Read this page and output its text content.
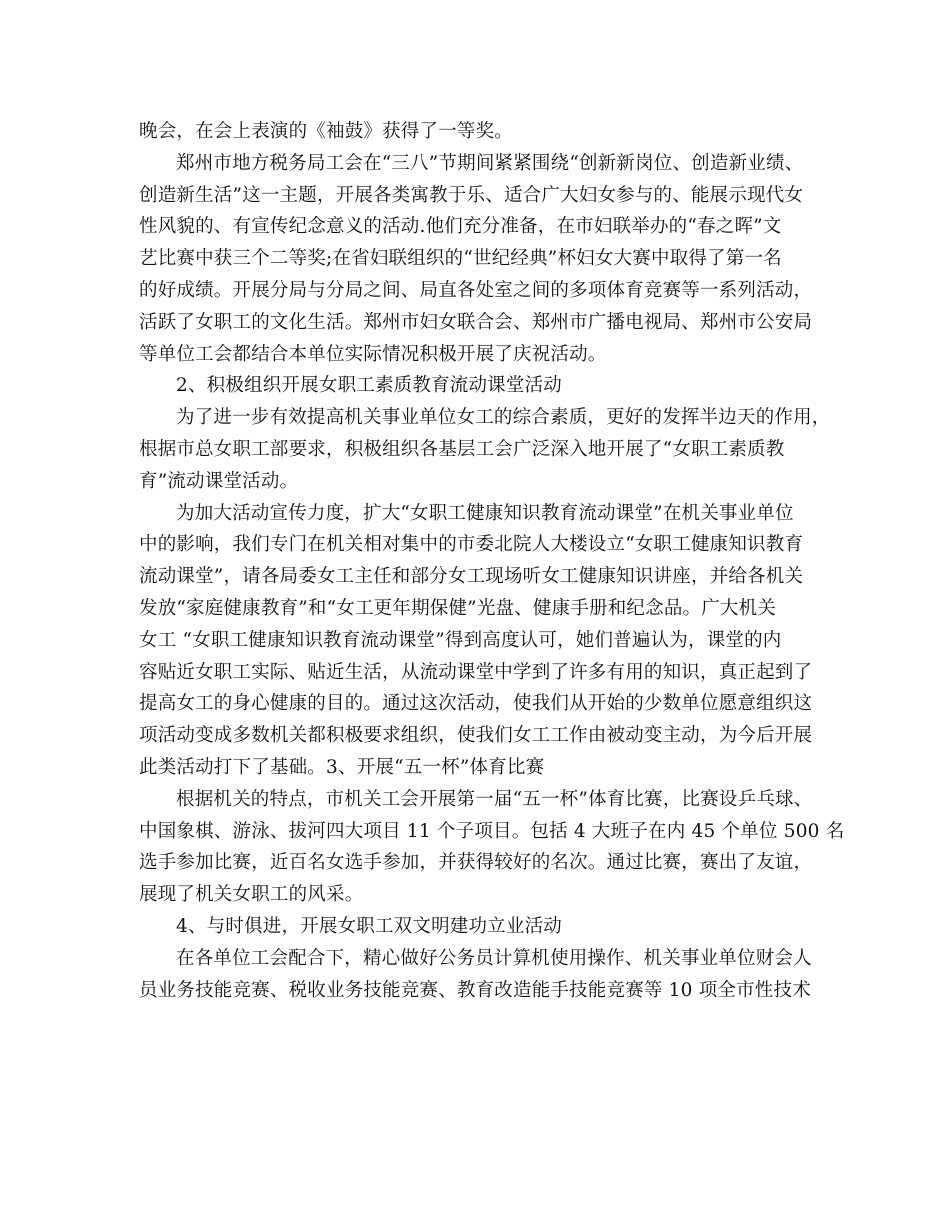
晚会，在会上表演的《袖鼓》获得了一等奖。
郑州市地方税务局工会在“三八”节期间紧紧围绕“创新新岗位、创造新业绩、
创造新生活”这一主题，开展各类寓教于乐、适合广大妇女参与的、能展示现代女
性风貌的、有宣传纪念意义的活动.他们充分准备，在市妇联举办的“春之晖”文
艺比赛中获三个二等奖;在省妇联组织的“世纪经典”杯妇女大赛中取得了第一名
的好成绩。开展分局与分局之间、局直各处室之间的多项体育竞赛等一系列活动，
活跃了女职工的文化生活。郑州市妇女联合会、郑州市广播电视局、郑州市公安局
等单位工会都结合本单位实际情况积极开展了庆祝活动。
2、积极组织开展女职工素质教育流动课堂活动
为了进一步有效提高机关事业单位女工的综合素质，更好的发挥半边天的作用，
根据市总女职工部要求，积极组织各基层工会广泛深入地开展了“女职工素质教
育”流动课堂活动。
为加大活动宣传力度，扩大“女职工健康知识教育流动课堂”在机关事业单位
中的影响，我们专门在机关相对集中的市委北院人大楼设立“女职工健康知识教育
流动课堂”，请各局委女工主任和部分女工现场听女工健康知识讲座，并给各机关
发放“家庭健康教育”和“女工更年期保健”光盘、健康手册和纪念品。广大机关
女工 “女职工健康知识教育流动课堂”得到高度认可，她们普遍认为，课堂的内
容贴近女职工实际、贴近生活，从流动课堂中学到了许多有用的知识，真正起到了
提高女工的身心健康的目的。通过这次活动，使我们从开始的少数单位愿意组织这
项活动变成多数机关都积极要求组织，使我们女工工作由被动变主动，为今后开展
此类活动打下了基础。3、开展“五一杯”体育比赛
根据机关的特点，市机关工会开展第一届“五一杯”体育比赛，比赛设乒乓球、
中国象棋、游泳、拔河四大项目 11 个子项目。包括 4 大班子在内 45 个单位 500 名
选手参加比赛，近百名女选手参加，并获得较好的名次。通过比赛，赛出了友谊，
展现了机关女职工的风采。
4、与时俱进，开展女职工双文明建功立业活动
在各单位工会配合下，精心做好公务员计算机使用操作、机关事业单位财会人
员业务技能竞赛、税收业务技能竞赛、教育改造能手技能竞赛等 10 项全市性技术
